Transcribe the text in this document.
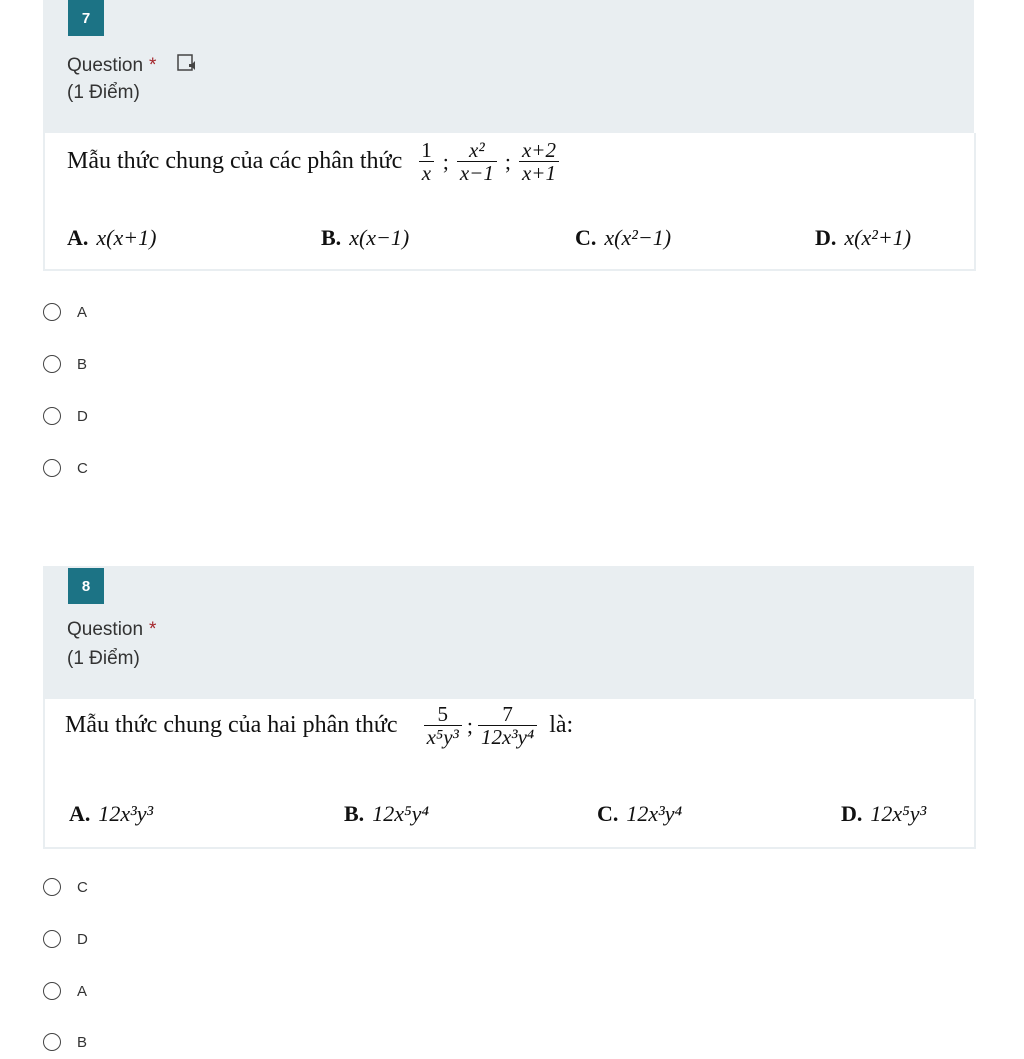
7
Question *
(1 Điểm)
Mẫu thức chung của các phân thức $\frac{1}{x}$ ; $\frac{\text{x²}}{x-1}$ ; $\frac{x+2}{x+1}$
A. x(x+1)	B. x(x−1)	C. x(x²−1)	D. x(x²+1)
A
B
D
C
8
Question *
(1 Điểm)
Mẫu thức chung của hai phân thức $\frac{5}{\text{x⁵y³}}$ ; $\frac{7}{\text{12x³y⁴}}$ là:
A. 12x³y³	B. 12x⁵y⁴	C. 12x³y⁴	D. 12x⁵y³
C
D
A
B
